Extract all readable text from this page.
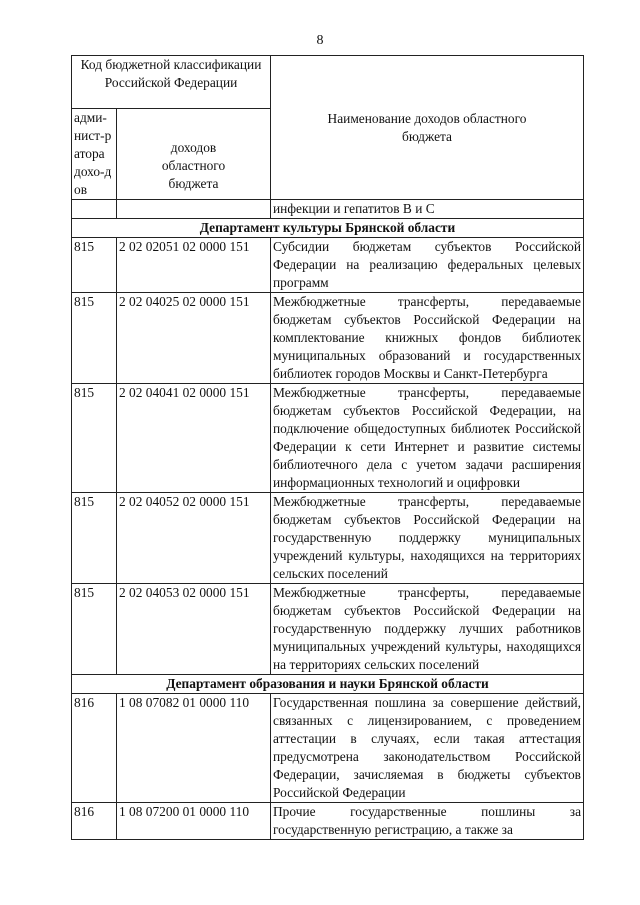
8
Код бюджетной классификации Российской Федерации		Наименование доходов областного бюджета
адми-нист-ратора дохо-дов	доходов областного бюджета	
		инфекции и гепатитов В и С
Департамент культуры Брянской области		
815	2 02 02051 02 0000 151	Субсидии бюджетам субъектов Российской Федерации на реализацию федеральных целевых программ
815	2 02 04025 02 0000 151	Межбюджетные трансферты, передаваемые бюджетам субъектов Российской Федерации на комплектование книжных фондов библиотек муниципальных образований и государственных библиотек городов Москвы и Санкт-Петербурга
815	2 02 04041 02 0000 151	Межбюджетные трансферты, передаваемые бюджетам субъектов Российской Федерации, на подключение общедоступных библиотек Российской Федерации к сети Интернет и развитие системы библиотечного дела с учетом задачи расширения информационных технологий и оцифровки
815	2 02 04052 02 0000 151	Межбюджетные трансферты, передаваемые бюджетам субъектов Российской Федерации на государственную поддержку муниципальных учреждений культуры, находящихся на территориях сельских поселений
815	2 02 04053 02 0000 151	Межбюджетные трансферты, передаваемые бюджетам субъектов Российской Федерации на государственную поддержку лучших работников муниципальных учреждений культуры, находящихся на территориях сельских поселений
Департамент образования и науки Брянской области		
816	1 08 07082 01 0000 110	Государственная пошлина за совершение действий, связанных с лицензированием, с проведением аттестации в случаях, если такая аттестация предусмотрена законодательством Российской Федерации, зачисляемая в бюджеты субъектов Российской Федерации
816	1 08 07200 01 0000 110	Прочие государственные пошлины за государственную регистрацию, а также за
